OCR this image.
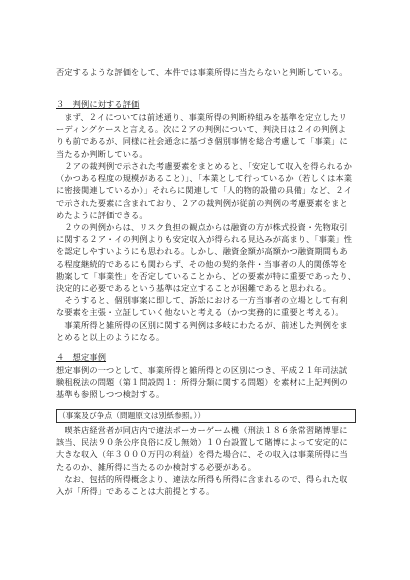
否定するような評価をして、本件では事業所得に当たらないと判断している。
３　判例に対する評価
　まず、２イについては前述通り、事業所得の判断枠組みを基準を定立したリ
ーディングケースと言える。次に２アの判例について、判決日は２イの判例よ
りも前であるが、同様に社会通念に基づき個別事情を総合考慮して「事業」に
当たるか判断している。
　２アの裁判例で示された考慮要素をまとめると、「安定して収入を得られるか
（かつある程度の規模があること）」、「本業として行っているか（若しくは本業
に密接関連しているか）」それらに関連して「人的物的設備の具備」など、２イ
で示された要素に含まれており、２アの裁判例が従前の判例の考慮要素をまと
めたように評価できる。
　２ウの判例からは、リスク負担の観点からは融資の方が株式投資・先物取引
に関する２ア・イの判例よりも安定収入が得られる見込みが高まり、「事業」性
を認定しやすいようにも思われる。しかし、融資金額が高額かつ融資期間もあ
る程度継続的であるにも関わらず、その他の契約条件・当事者の人的関係等を
勘案して「事業性」を否定していることから、どの要素が特に重要であったり、
決定的に必要であるという基準は定立することが困難であると思われる。
　そうすると、個別事案に即して、訴訟における一方当事者の立場として有利
な要素を主張・立証していく他ないと考える（かつ実務的に重要と考える）。
　事業所得と雑所得の区別に関する判例は多岐にわたるが、前述した判例をま
とめると以上のようになる。
４　想定事例
想定事例の一つとして、事業所得と雑所得との区別につき、平成２１年司法試
験租税法の問題（第１問設問１：所得分類に関する問題）を素材に上記判例の
基準も参照しつつ検討する。
（事案及び争点（問題原文は別紙参照。））
　喫茶店経営者が同店内で違法ポーカーゲーム機（刑法１８６条常習賭博罪に
該当、民法９０条公序良俗に反し無効）１０台設置して賭博によって安定的に
大きな収入（年３０００万円の利益）を得た場合に、その収入は事業所得に当
たるのか、雑所得に当たるのか検討する必要がある。
　なお、包括的所得概念より、違法な所得も所得に含まれるので、得られた収
入が「所得」であることは大前提とする。
